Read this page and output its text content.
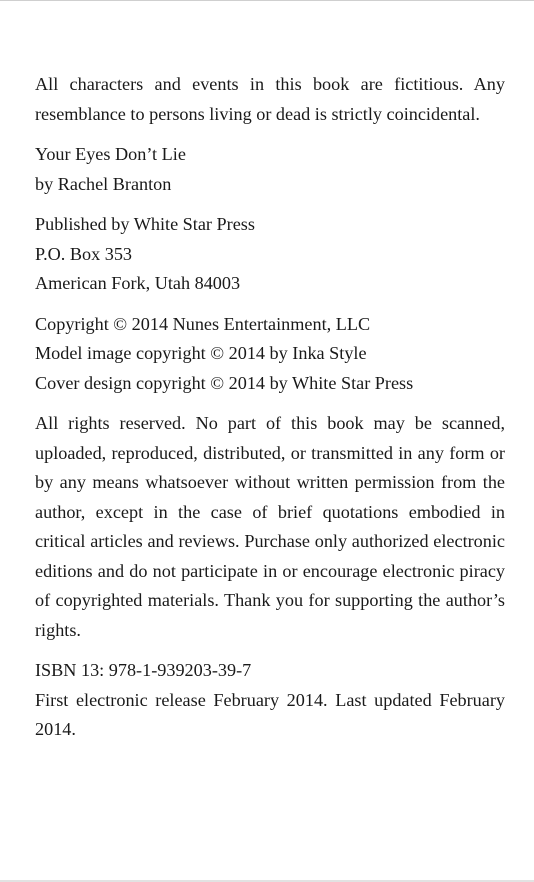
All characters and events in this book are fictitious. Any resemblance to persons living or dead is strictly coincidental.

Your Eyes Don’t Lie
by Rachel Branton

Published by White Star Press
P.O. Box 353
American Fork, Utah 84003

Copyright © 2014 Nunes Entertainment, LLC
Model image copyright © 2014 by Inka Style
Cover design copyright © 2014 by White Star Press

All rights reserved. No part of this book may be scanned, uploaded, reproduced, distributed, or transmitted in any form or by any means whatsoever without written permission from the author, except in the case of brief quotations embodied in critical articles and reviews. Purchase only authorized electronic editions and do not participate in or encourage electronic piracy of copyrighted materials. Thank you for supporting the author’s rights.

ISBN 13: 978-1-939203-39-7
First electronic release February 2014. Last updated February 2014.
